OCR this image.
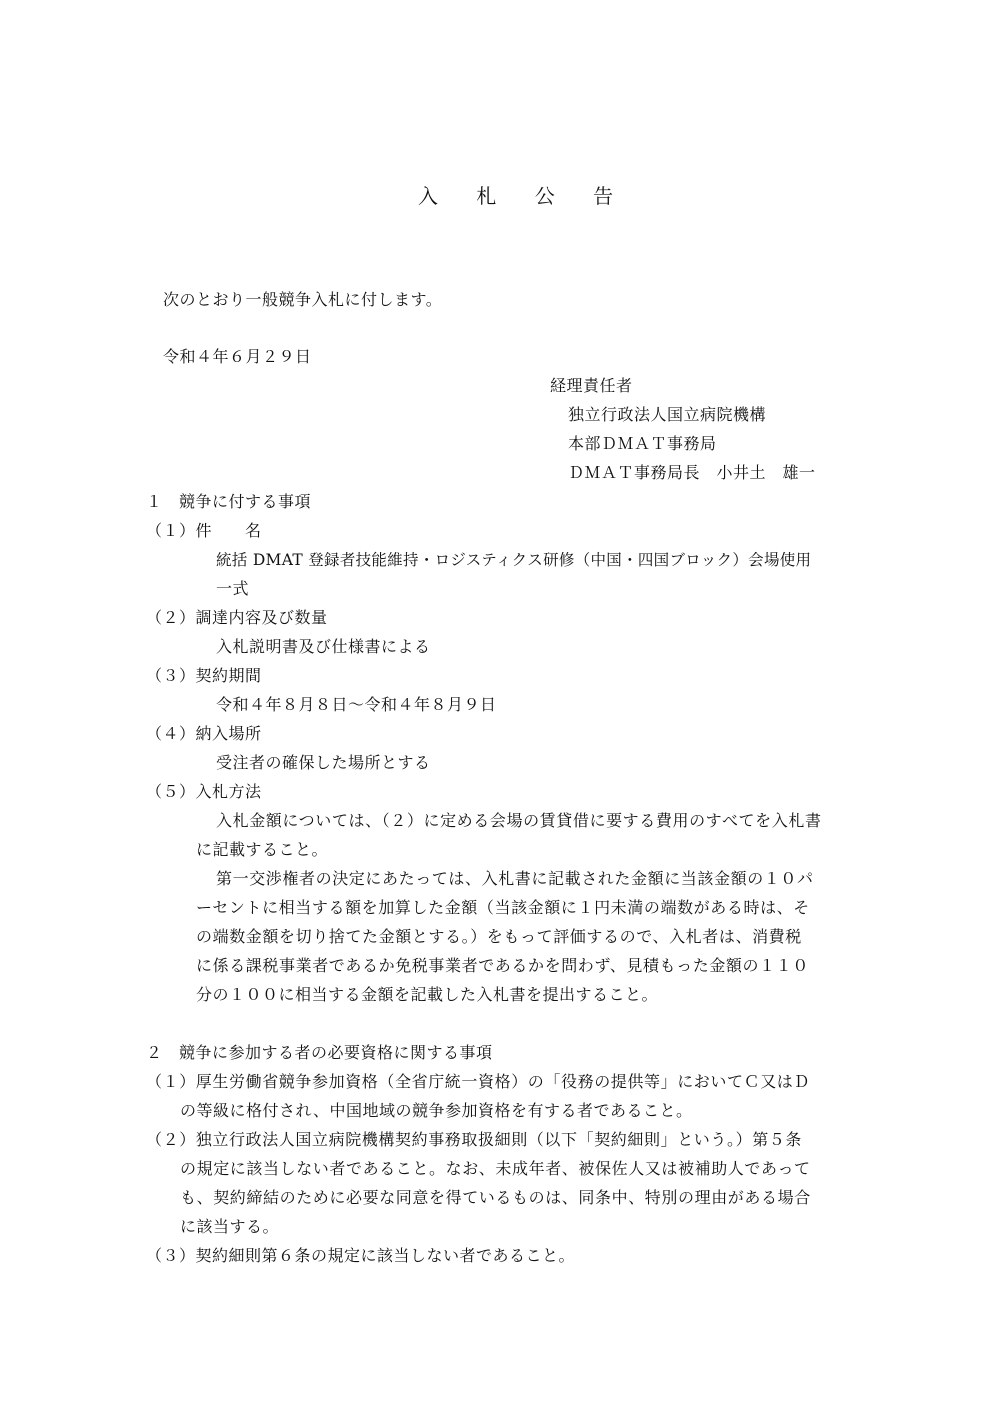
入 札 公 告
次のとおり一般競争入札に付します。
令和４年６月２９日
経理責任者
独立行政法人国立病院機構
本部ＤＭＡＴ事務局
ＤＭＡＴ事務局長　小井土　雄一
１　競争に付する事項
（１）件　　名
統括 DMAT 登録者技能維持・ロジスティクス研修（中国・四国ブロック）会場使用
一式
（２）調達内容及び数量
入札説明書及び仕様書による
（３）契約期間
令和４年８月８日～令和４年８月９日
（４）納入場所
受注者の確保した場所とする
（５）入札方法
入札金額については、（２）に定める会場の賃貸借に要する費用のすべてを入札書
に記載すること。
第一交渉権者の決定にあたっては、入札書に記載された金額に当該金額の１０パ
ーセントに相当する額を加算した金額（当該金額に１円未満の端数がある時は、そ
の端数金額を切り捨てた金額とする。）をもって評価するので、入札者は、消費税
に係る課税事業者であるか免税事業者であるかを問わず、見積もった金額の１１０
分の１００に相当する金額を記載した入札書を提出すること。
２　競争に参加する者の必要資格に関する事項
（１）厚生労働省競争参加資格（全省庁統一資格）の「役務の提供等」においてＣ又はＤ
の等級に格付され、中国地域の競争参加資格を有する者であること。
（２）独立行政法人国立病院機構契約事務取扱細則（以下「契約細則」という。）第５条
の規定に該当しない者であること。なお、未成年者、被保佐人又は被補助人であって
も、契約締結のために必要な同意を得ているものは、同条中、特別の理由がある場合
に該当する。
（３）契約細則第６条の規定に該当しない者であること。
